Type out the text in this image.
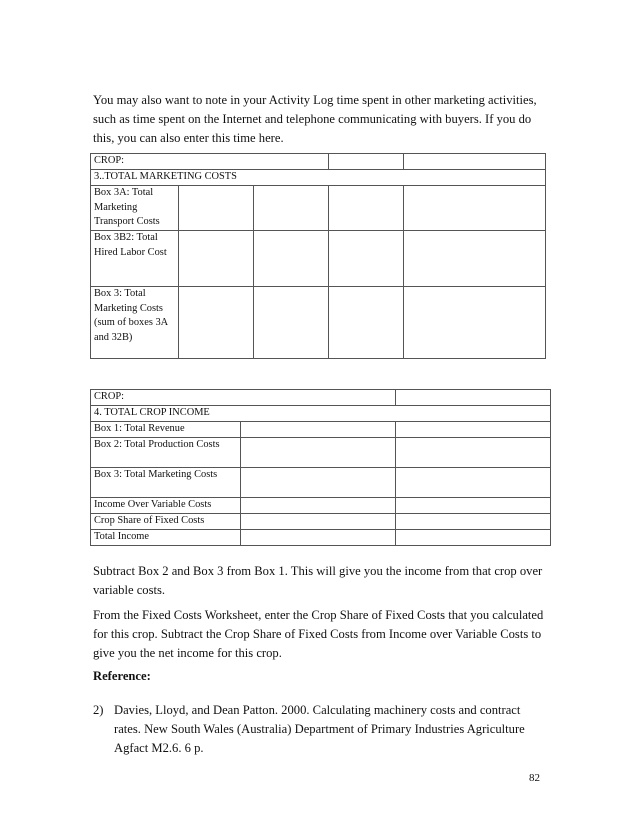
You may also want to note in your Activity Log time spent in other marketing activities, such as time spent on the Internet and telephone communicating with buyers. If you do this, you can also enter this time here.

CROP:				
3..TOTAL MARKETING COSTS				
Box 3A: Total Marketing Transport Costs				
Box 3B2: Total Hired Labor Cost				
Box 3: Total Marketing Costs (sum of boxes 3A and 32B)				
CROP:		
4. TOTAL CROP INCOME		
Box 1: Total Revenue		
Box 2: Total Production Costs		
Box 3: Total Marketing Costs		
Income Over Variable Costs		
Crop Share of Fixed Costs		
Total Income		

Subtract Box 2 and Box 3 from Box 1. This will give you the income from that crop over variable costs.

From the Fixed Costs Worksheet, enter the Crop Share of Fixed Costs that you calculated for this crop. Subtract the Crop Share of Fixed Costs from Income over Variable Costs to give you the net income for this crop.

Reference:

2) Davies, Lloyd, and Dean Patton. 2000. Calculating machinery costs and contract rates. New South Wales (Australia) Department of Primary Industries Agriculture Agfact M2.6. 6 p.
82
